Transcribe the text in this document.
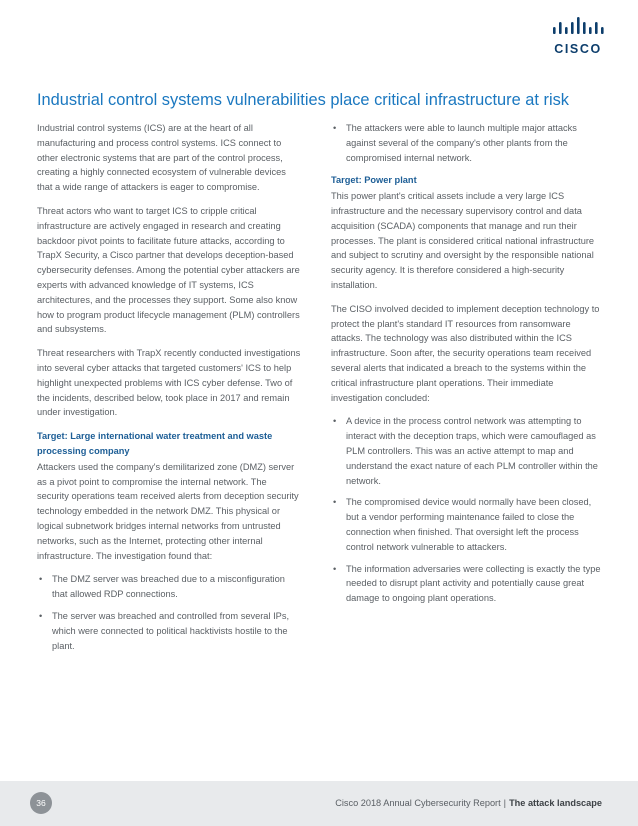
CISCO
Industrial control systems vulnerabilities place critical infrastructure at risk

Industrial control systems (ICS) are at the heart of all manufacturing and process control systems. ICS connect to other electronic systems that are part of the control process, creating a highly connected ecosystem of vulnerable devices that a wide range of attackers is eager to compromise.

Threat actors who want to target ICS to cripple critical infrastructure are actively engaged in research and creating backdoor pivot points to facilitate future attacks, according to TrapX Security, a Cisco partner that develops deception-based cybersecurity defenses. Among the potential cyber attackers are experts with advanced knowledge of IT systems, ICS architectures, and the processes they support. Some also know how to program product lifecycle management (PLM) controllers and subsystems.

Threat researchers with TrapX recently conducted investigations into several cyber attacks that targeted customers' ICS to help highlight unexpected problems with ICS cyber defense. Two of the incidents, described below, took place in 2017 and remain under investigation.

Target: Large international water treatment and waste processing company

Attackers used the company's demilitarized zone (DMZ) server as a pivot point to compromise the internal network. The security operations team received alerts from deception security technology embedded in the network DMZ. This physical or logical subnetwork bridges internal networks from untrusted networks, such as the Internet, protecting other internal infrastructure. The investigation found that:

• The DMZ server was breached due to a misconfiguration that allowed RDP connections.
• The server was breached and controlled from several IPs, which were connected to political hacktivists hostile to the plant.
• The attackers were able to launch multiple major attacks against several of the company's other plants from the compromised internal network.
Target: Power plant

This power plant's critical assets include a very large ICS infrastructure and the necessary supervisory control and data acquisition (SCADA) components that manage and run their processes. The plant is considered critical national infrastructure and subject to scrutiny and oversight by the responsible national security agency. It is therefore considered a high-security installation.

The CISO involved decided to implement deception technology to protect the plant's standard IT resources from ransomware attacks. The technology was also distributed within the ICS infrastructure. Soon after, the security operations team received several alerts that indicated a breach to the systems within the critical infrastructure plant operations. Their immediate investigation concluded:

• A device in the process control network was attempting to interact with the deception traps, which were camouflaged as PLM controllers. This was an active attempt to map and understand the exact nature of each PLM controller within the network.
• The compromised device would normally have been closed, but a vendor performing maintenance failed to close the connection when finished. That oversight left the process control network vulnerable to attackers.
• The information adversaries were collecting is exactly the type needed to disrupt plant activity and potentially cause great damage to ongoing plant operations.
36	Cisco 2018 Annual Cybersecurity Report | The attack landscape
